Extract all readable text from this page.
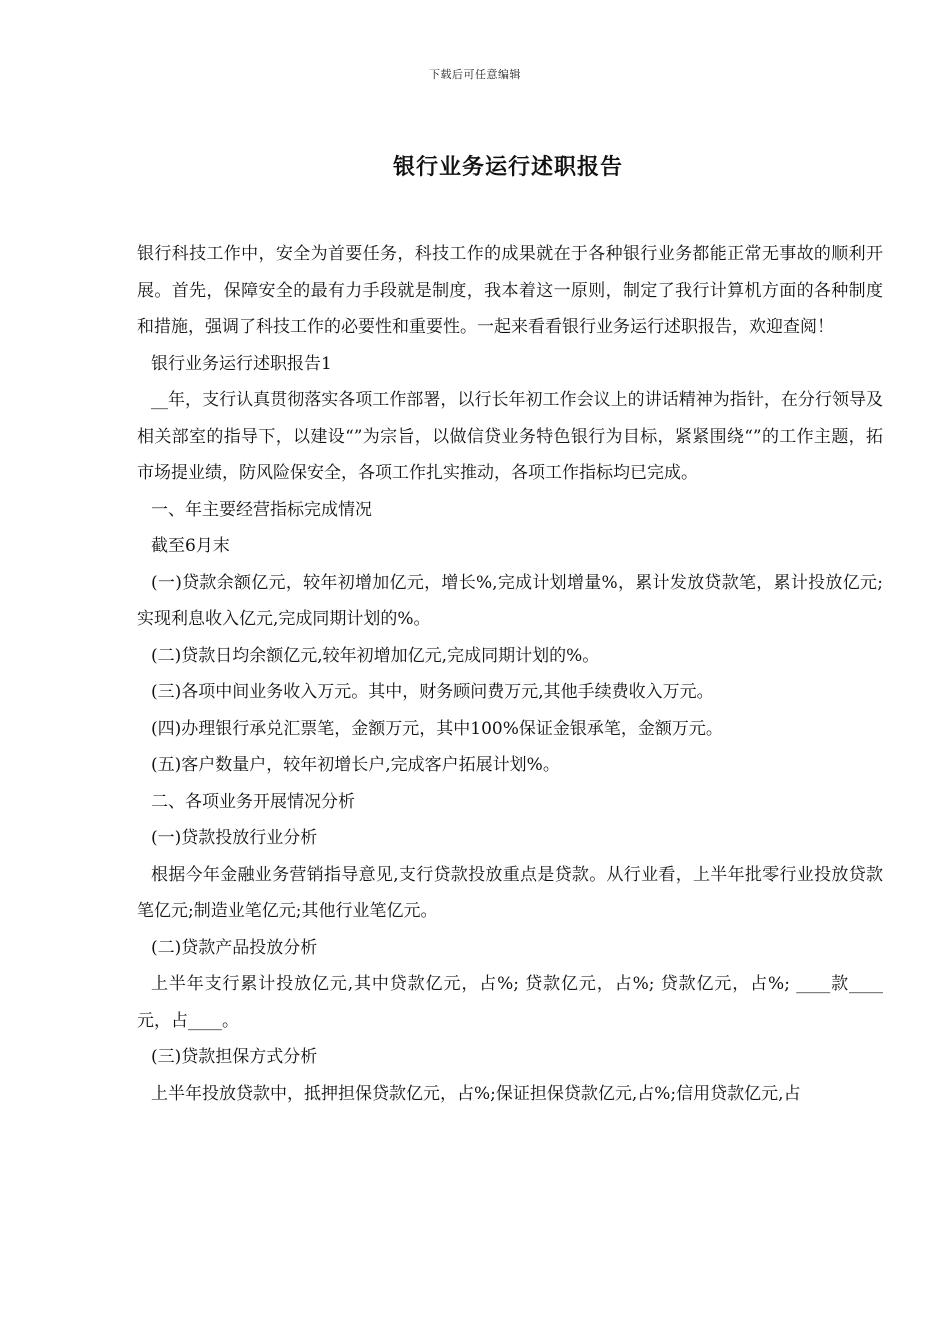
下载后可任意编辑
银行业务运行述职报告

银行科技工作中，安全为首要任务，科技工作的成果就在于各种银行业务都能正常无事故的顺利开展。首先，保障安全的最有力手段就是制度，我本着这一原则，制定了我行计算机方面的各种制度和措施，强调了科技工作的必要性和重要性。一起来看看银行业务运行述职报告，欢迎查阅！

银行业务运行述职报告1

__年，支行认真贯彻落实各项工作部署，以行长年初工作会议上的讲话精神为指针，在分行领导及相关部室的指导下，以建设“”为宗旨，以做信贷业务特色银行为目标，紧紧围绕“”的工作主题，拓市场提业绩，防风险保安全，各项工作扎实推动，各项工作指标均已完成。

一、年主要经营指标完成情况

截至6月末

(一)贷款余额亿元，较年初增加亿元，增长%,完成计划增量%，累计发放贷款笔，累计投放亿元;实现利息收入亿元,完成同期计划的%。

(二)贷款日均余额亿元,较年初增加亿元,完成同期计划的%。

(三)各项中间业务收入万元。其中，财务顾问费万元,其他手续费收入万元。

(四)办理银行承兑汇票笔，金额万元，其中100%保证金银承笔，金额万元。

(五)客户数量户，较年初增长户,完成客户拓展计划%。

二、各项业务开展情况分析

(一)贷款投放行业分析

根据今年金融业务营销指导意见,支行贷款投放重点是贷款。从行业看，上半年批零行业投放贷款笔亿元;制造业笔亿元;其他行业笔亿元。

(二)贷款产品投放分析

上半年支行累计投放亿元,其中贷款亿元，占%; 贷款亿元，占%; 贷款亿元，占%; ____款____元，占____。

(三)贷款担保方式分析

上半年投放贷款中，抵押担保贷款亿元，占%;保证担保贷款亿元,占%;信用贷款亿元,占
